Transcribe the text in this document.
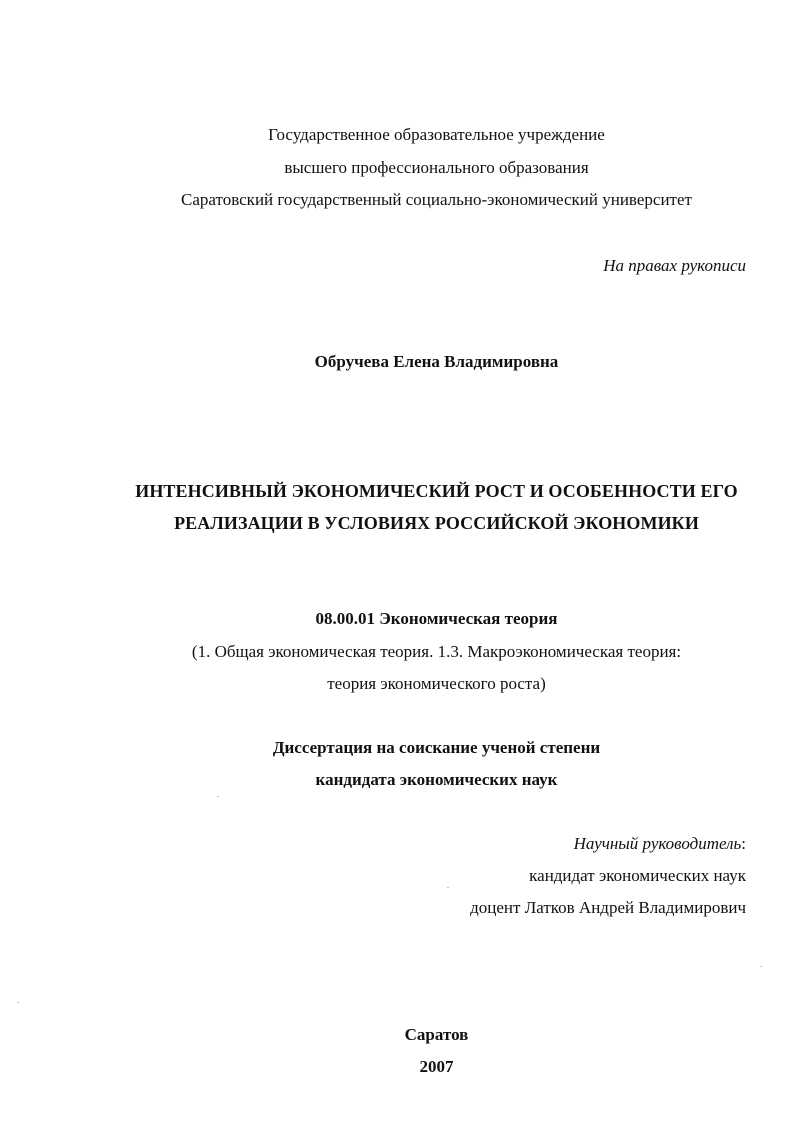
Государственное образовательное учреждение
высшего профессионального образования
Саратовский государственный социально-экономический университет
На правах рукописи
Обручева Елена Владимировна
ИНТЕНСИВНЫЙ ЭКОНОМИЧЕСКИЙ РОСТ И ОСОБЕННОСТИ ЕГО
РЕАЛИЗАЦИИ В УСЛОВИЯХ РОССИЙСКОЙ ЭКОНОМИКИ
08.00.01 Экономическая теория
(1. Общая экономическая теория. 1.3. Макроэкономическая теория:
теория экономического роста)
Диссертация на соискание ученой степени
кандидата экономических наук
Научный руководитель:
кандидат экономических наук
доцент Латков Андрей Владимирович
Саратов
2007
